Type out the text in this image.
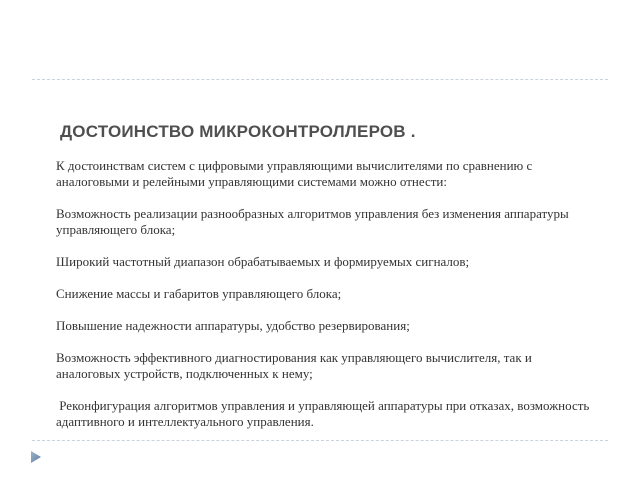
ДОСТОИНСТВО МИКРОКОНТРОЛЛЕРОВ .

К достоинствам систем с цифровыми управляющими вычислителями по сравнению с аналоговыми и релейными управляющими системами можно отнести:

Возможность реализации разнообразных алгоритмов управления без изменения аппаратуры управляющего блока;

Широкий частотный диапазон обрабатываемых и формируемых сигналов;

Снижение массы и габаритов управляющего блока;

Повышение надежности аппаратуры, удобство резервирования;

Возможность эффективного диагностирования как управляющего вычислителя, так и аналоговых устройств, подключенных к нему;

Реконфигурация алгоритмов управления и управляющей аппаратуры при отказах, возможность адаптивного и интеллектуального управления.
